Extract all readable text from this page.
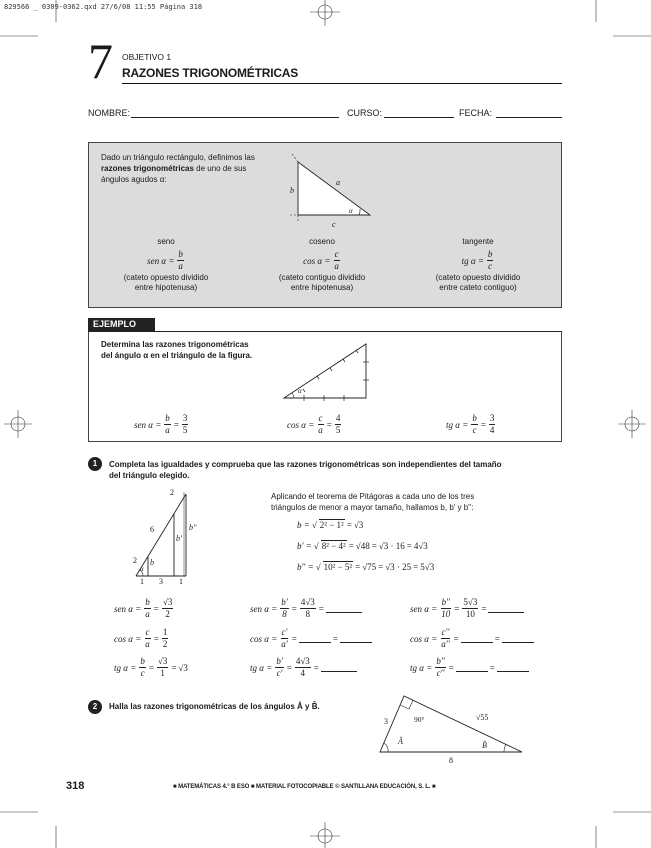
829566 _ 0309-0362.qxd 27/6/08 11:55 Página 318
7 OBJETIVO 1
RAZONES TRIGONOMÉTRICAS
NOMBRE:	CURSO:	FECHA:
Dado un triángulo rectángulo, definimos las razones trigonométricas de uno de sus ángulos agudos α:	a
b
c
α
seno
sen $\alpha = \frac{b}{a}$
(cateto opuesto dividido
entre hipotenusa)
coseno
$\cos \alpha = \frac{c}{a}$
(cateto contiguo dividido
entre hipotenusa)
tangente
tg $\alpha = \frac{b}{c}$
(cateto opuesto dividido
entre cateto contiguo)
EJEMPLO
Determina las razones trigonométricas
del ángulo α en el triángulo de la figura.
α
sen $\alpha = \frac{b}{a} = \frac{3}{5}$	$\cos \alpha = \frac{c}{a} = \frac{4}{5}$	tg $\alpha = \frac{b}{c} = \frac{3}{4}$
1	Completa las igualdades y comprueba que las razones trigonométricas son independientes del tamaño
del triángulo elegido.
2
6	b''
b'
2 b
α
1 3 1
Aplicando el teorema de Pitágoras a cada uno de los tres
triángulos de menor a mayor tamaño, hallamos b, b' y b'':
b = √ 2² − 1² = √3
b' = √ 8² − 4² = √48 = √3 · 16 = 4√3
b'' = √ 10² − 5² = √75 = √3 · 25 = 5√3
sen $\alpha = \frac{b}{a} = \frac{√3}{2}$
$\cos \alpha = \frac{c}{a} = \frac{1}{2}$
tg $\alpha = \frac{b}{c} = \frac{√3}{1} = √3$
sen $\alpha = \frac{b'}{8} = \frac{4√3}{8}$ =
$\cos \alpha = \frac{c'}{a'}$ =	=
tg $\alpha = \frac{b'}{c'} = \frac{4√3}{4}$ =
sen $\alpha = \frac{b''}{10} = \frac{5√3}{10}$ =
$\cos \alpha = \frac{c''}{a''}$ =	=
tg $\alpha = \frac{b''}{c''}$ =	=
2	Halla las razones trigonométricas de los ángulos Â y B̂.
3	90°	√55
Â	B̂
8
318	■ MATEMÁTICAS 4.° B ESO ■ MATERIAL FOTOCOPIABLE © SANTILLANA EDUCACIÓN, S. L. ■
